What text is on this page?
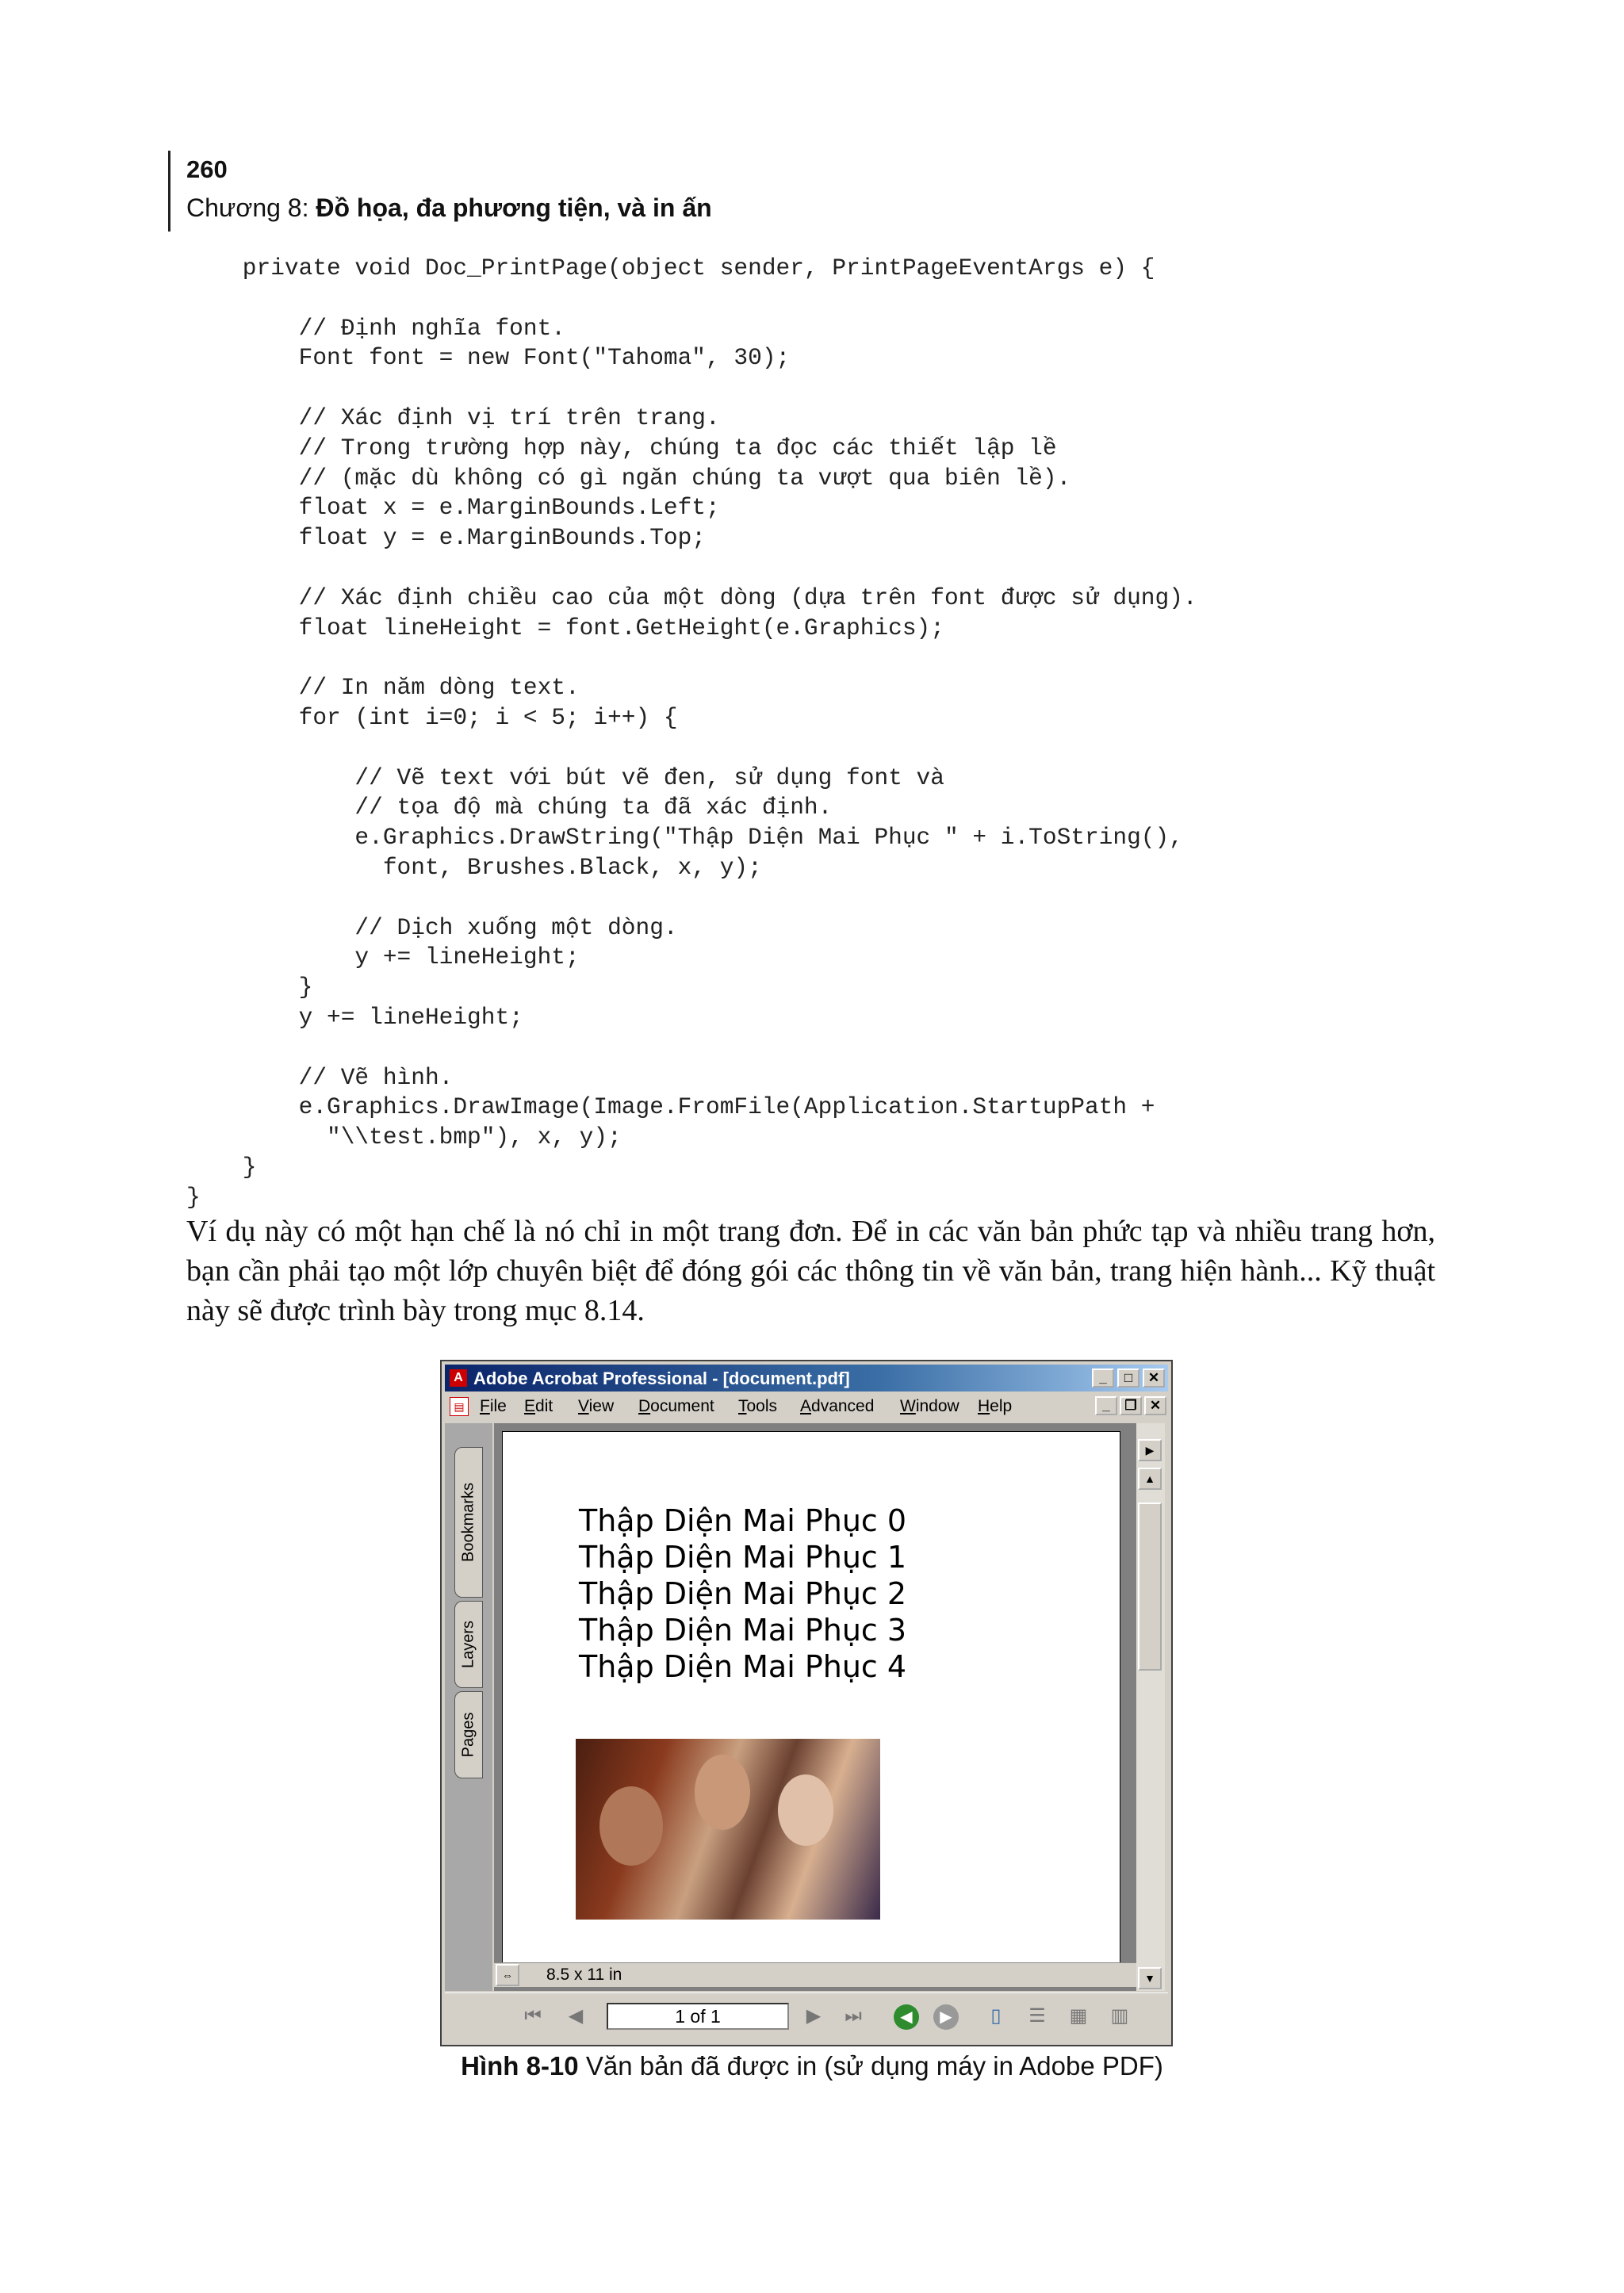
260
Chương 8: Đồ họa, đa phương tiện, và in ấn
private void Doc_PrintPage(object sender, PrintPageEventArgs e) {

// Định nghĩa font.
Font font = new Font("Tahoma", 30);

// Xác định vị trí trên trang.
// Trong trường hợp này, chúng ta đọc các thiết lập lề
// (mặc dù không có gì ngăn chúng ta vượt qua biên lề).
float x = e.MarginBounds.Left;
float y = e.MarginBounds.Top;

// Xác định chiều cao của một dòng (dựa trên font được sử dụng).
float lineHeight = font.GetHeight(e.Graphics);

// In năm dòng text.
for (int i=0; i < 5; i++) {

// Vẽ text với bút vẽ đen, sử dụng font và
// tọa độ mà chúng ta đã xác định.
e.Graphics.DrawString("Thập Diện Mai Phục " + i.ToString(),
font, Brushes.Black, x, y);

// Dịch xuống một dòng.
y += lineHeight;
}
y += lineHeight;

// Vẽ hình.
e.Graphics.DrawImage(Image.FromFile(Application.StartupPath +
"\\test.bmp"), x, y);
}
}
Ví dụ này có một hạn chế là nó chỉ in một trang đơn. Để in các văn bản phức tạp và nhiều trang hơn, bạn cần phải tạo một lớp chuyên biệt để đóng gói các thông tin về văn bản, trang hiện hành... Kỹ thuật này sẽ được trình bày trong mục 8.14.
A Adobe Acrobat Professional - [document.pdf]	_	□	✕
▤ File Edit View Document Tools Advanced Window Help	_	❐ ✕
Bookmarks
Layers
Pages
Thập Diện Mai Phục 0
Thập Diện Mai Phục 1
Thập Diện Mai Phục 2
Thập Diện Mai Phục 3
Thập Diện Mai Phục 4
▶
▲
▼
⇔	8.5 x 11 in
⏮ ◀	1 of 1	▶ ⏭	◀	▶	▯	☰ ▦ ▥
Hình 8-10 Văn bản đã được in (sử dụng máy in Adobe PDF)
